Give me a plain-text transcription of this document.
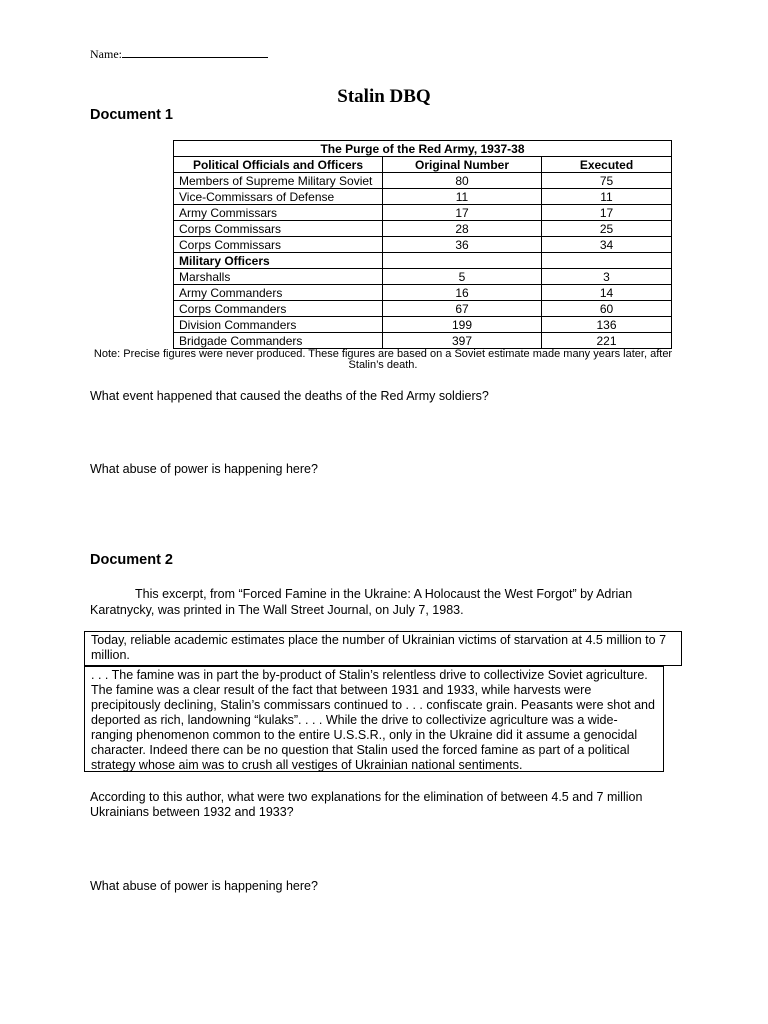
Name:
Stalin DBQ
Document 1
The Purge of the Red Army, 1937-38		
Political Officials and Officers	Original Number	Executed
Members of Supreme Military Soviet	80	75
Vice-Commissars of Defense	11	11
Army Commissars	17	17
Corps Commissars	28	25
Corps Commissars	36	34
Military Officers		
Marshalls	5	3
Army Commanders	16	14
Corps Commanders	67	60
Division Commanders	199	136
Bridgade Commanders	397	221
Note: Precise figures were never produced. These figures are based on a Soviet estimate made many years later, after Stalin’s death.
What event happened that caused the deaths of the Red Army soldiers?
What abuse of power is happening here?
Document 2
This excerpt, from “Forced Famine in the Ukraine: A Holocaust the West Forgot” by Adrian Karatnycky, was printed in The Wall Street Journal, on July 7, 1983.
Today, reliable academic estimates place the number of Ukrainian victims of starvation at 4.5 million to 7 million.
. . . The famine was in part the by-product of Stalin’s relentless drive to collectivize Soviet agriculture. The famine was a clear result of the fact that between 1931 and 1933, while harvests were precipitously declining, Stalin’s commissars continued to . . . confiscate grain. Peasants were shot and deported as rich, landowning “kulaks”. . . . While the drive to collectivize agriculture was a wide-ranging phenomenon common to the entire U.S.S.R., only in the Ukraine did it assume a genocidal character. Indeed there can be no question that Stalin used the forced famine as part of a political strategy whose aim was to crush all vestiges of Ukrainian national sentiments.
According to this author, what were two explanations for the elimination of between 4.5 and 7 million Ukrainians between 1932 and 1933?
What abuse of power is happening here?
